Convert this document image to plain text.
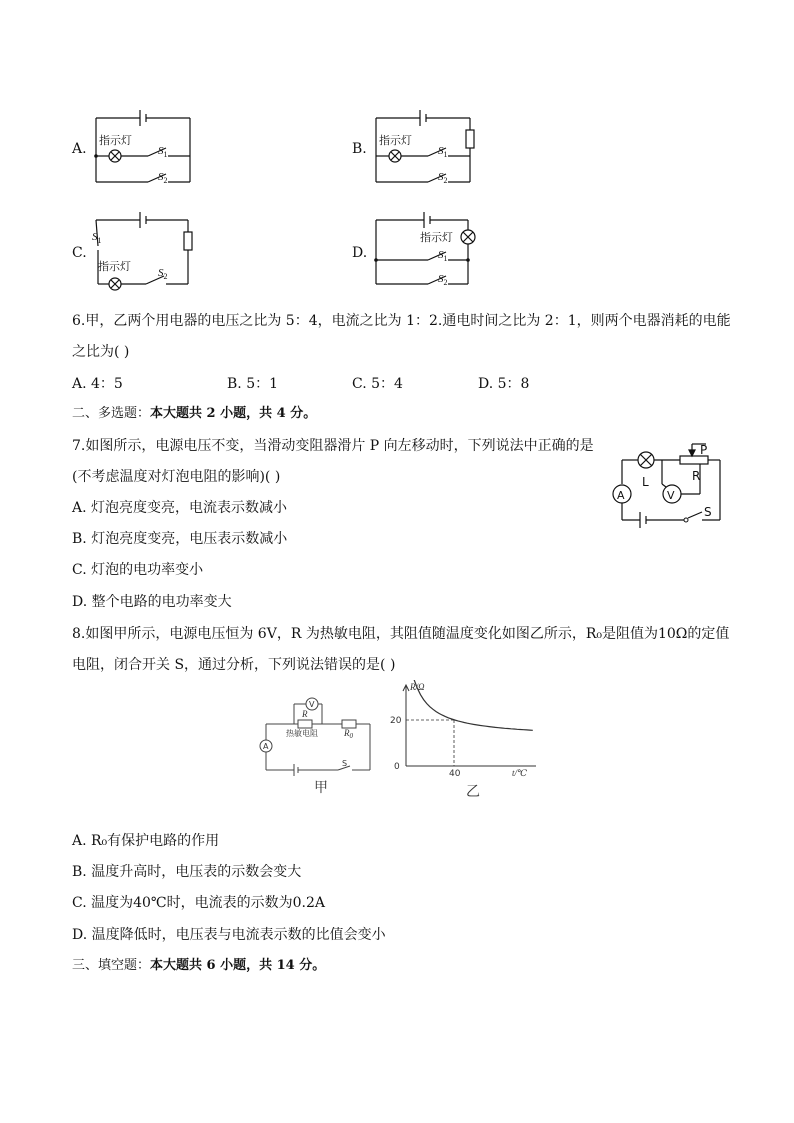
A.
指示灯
$S_1$
$S_2$
B.
指示灯
$S_1$
$S_2$
C.
$S_1$
指示灯 $S_2$
D.
指示灯
$S_1$
$S_2$
6.甲，乙两个用电器的电压之比为 5：4，电流之比为 1：2.通电时间之比为 2：1，则两个电器消耗的电能
之比为( )
A. 4：5	B. 5：1	C. 5：4	D. 5：8
二、多选题：本大题共 2 小题，共 4 分。
7.如图所示，电源电压不变，当滑动变阻器滑片 P 向左移动时，下列说法中正确的是
(不考虑温度对灯泡电阻的影响)( )
A. 灯泡亮度变亮，电流表示数减小
B. 灯泡亮度变亮，电压表示数减小
C. 灯泡的电功率变小
D. 整个电路的电功率变大
P
L	R
S
A	V
8.如图甲所示，电源电压恒为 6V，R 为热敏电阻，其阻值随温度变化如图乙所示，R₀是阻值为10Ω的定值
电阻，闭合开关 S，通过分析，下列说法错误的是( )
A
V
R
$R_0$
热敏电阻
S
甲
R/Ω
t/℃
20
40
0
乙
A. R₀有保护电路的作用
B. 温度升高时，电压表的示数会变大
C. 温度为40℃时，电流表的示数为0.2A
D. 温度降低时，电压表与电流表示数的比值会变小
三、填空题：本大题共 6 小题，共 14 分。
